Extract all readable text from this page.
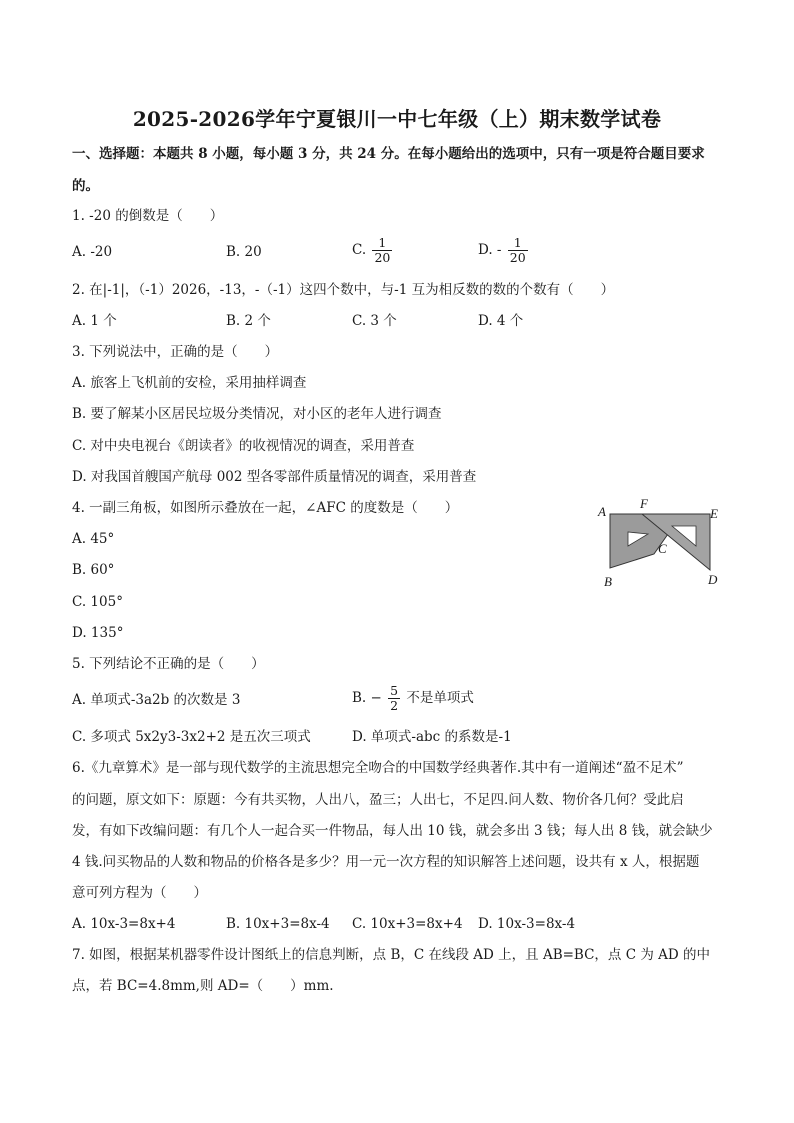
2025-2026学年宁夏银川一中七年级（上）期末数学试卷
一、选择题：本题共 8 小题，每小题 3 分，共 24 分。在每小题给出的选项中，只有一项是符合题目要求
的。
1. -20 的倒数是（　　）
A. -20	B. 20	C. $\frac{1}{20}$	D. - $\frac{1}{20}$
2. 在|-1|，（-1）2026，-13，-（-1）这四个数中，与-1 互为相反数的数的个数有（　　）
A. 1 个	B. 2 个	C. 3 个	D. 4 个
3. 下列说法中，正确的是（　　）
A. 旅客上飞机前的安检，采用抽样调查
B. 要了解某小区居民垃圾分类情况，对小区的老年人进行调查
C. 对中央电视台《朗读者》的收视情况的调查，采用普查
D. 对我国首艘国产航母 002 型各零部件质量情况的调查，采用普查
4. 一副三角板，如图所示叠放在一起，∠AFC 的度数是（　　）
A. 45°
B. 60°
C. 105°
D. 135°
A
F
E
C
B	D
5. 下列结论不正确的是（　　）
A. 单项式-3a2b 的次数是 3	B. − $\frac{5}{2}$ 不是单项式
C. 多项式 5x2y3-3x2+2 是五次三项式	D. 单项式-abc 的系数是-1
6.《九章算术》是一部与现代数学的主流思想完全吻合的中国数学经典著作.其中有一道阐述“盈不足术”
的问题，原文如下：原题：今有共买物，人出八，盈三；人出七，不足四.问人数、物价各几何？受此启
发，有如下改编问题：有几个人一起合买一件物品，每人出 10 钱，就会多出 3 钱；每人出 8 钱，就会缺少
4 钱.问买物品的人数和物品的价格各是多少？用一元一次方程的知识解答上述问题，设共有 x 人，根据题
意可列方程为（　　）
A. 10x-3=8x+4	B. 10x+3=8x-4 C. 10x+3=8x+4 D. 10x-3=8x-4
7. 如图，根据某机器零件设计图纸上的信息判断，点 B，C 在线段 AD 上，且 AB=BC，点 C 为 AD 的中
点，若 BC=4.8mm,则 AD=（　　）mm.
